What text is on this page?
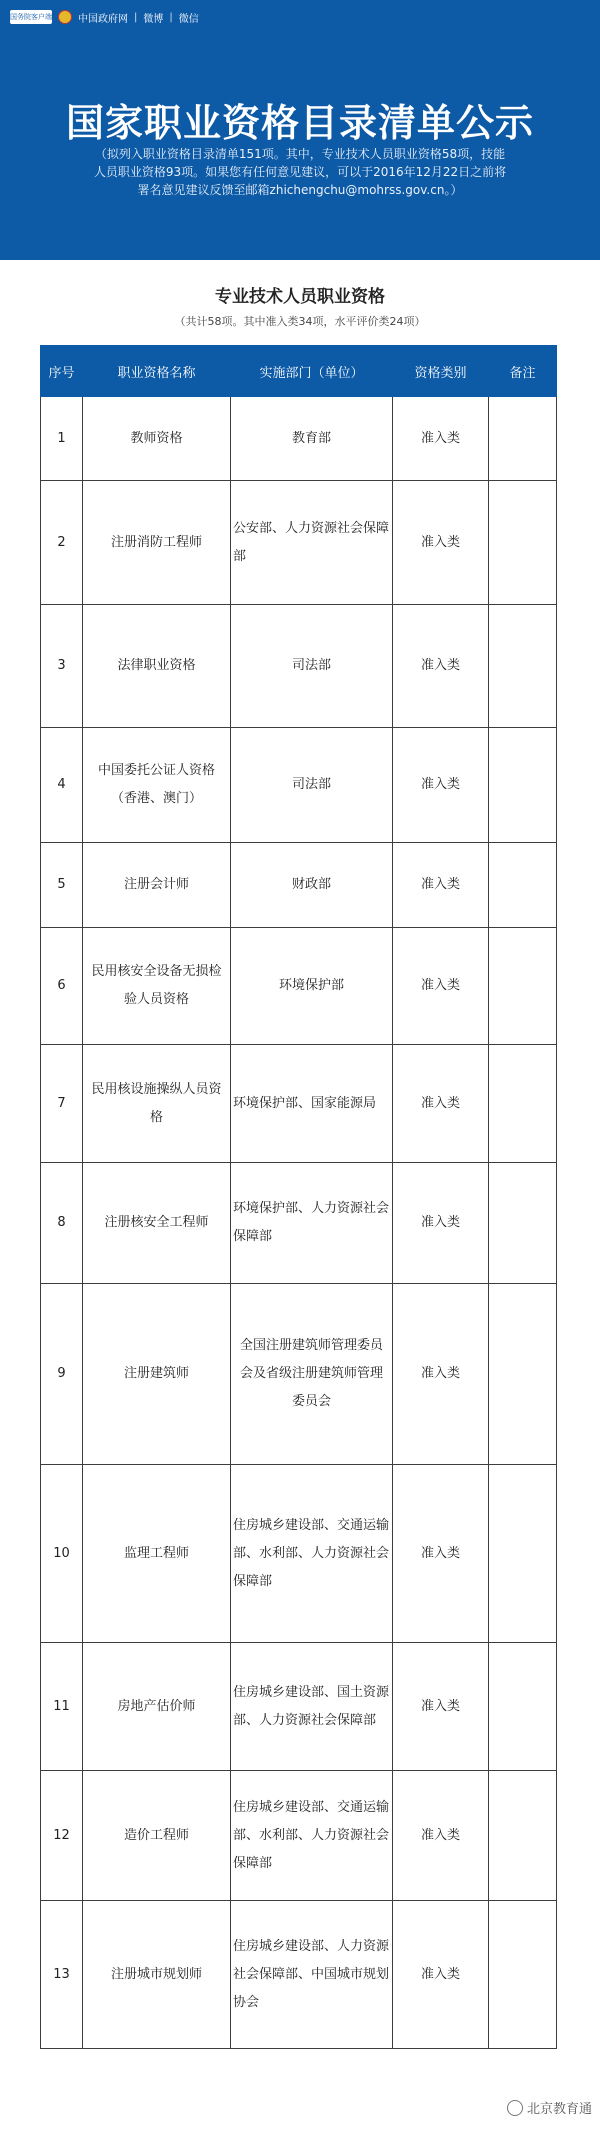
国务院客户端	中国政府网 | 微博 | 微信
国家职业资格目录清单公示
（拟列入职业资格目录清单151项。其中，专业技术人员职业资格58项，技能人员职业资格93项。如果您有任何意见建议，可以于2016年12月22日之前将署名意见建议反馈至邮箱zhichengchu@mohrss.gov.cn。）
专业技术人员职业资格
（共计58项。其中准入类34项，水平评价类24项）
序号	职业资格名称	实施部门（单位）	资格类别	备注
1	教师资格	教育部	准入类	
2	注册消防工程师	公安部、人力资源社会保障部	准入类	
3	法律职业资格	司法部	准入类	
4	中国委托公证人资格（香港、澳门）	司法部	准入类	
5	注册会计师	财政部	准入类	
6	民用核安全设备无损检验人员资格	环境保护部	准入类	
7	民用核设施操纵人员资格	环境保护部、国家能源局	准入类	
8	注册核安全工程师	环境保护部、人力资源社会保障部	准入类	
9	注册建筑师	全国注册建筑师管理委员会及省级注册建筑师管理委员会	准入类	
10	监理工程师	住房城乡建设部、交通运输部、水利部、人力资源社会保障部	准入类	
11	房地产估价师	住房城乡建设部、国土资源部、人力资源社会保障部	准入类	
12	造价工程师	住房城乡建设部、交通运输部、水利部、人力资源社会保障部	准入类	
13	注册城市规划师	住房城乡建设部、人力资源社会保障部、中国城市规划协会	准入类	
北京教育通
